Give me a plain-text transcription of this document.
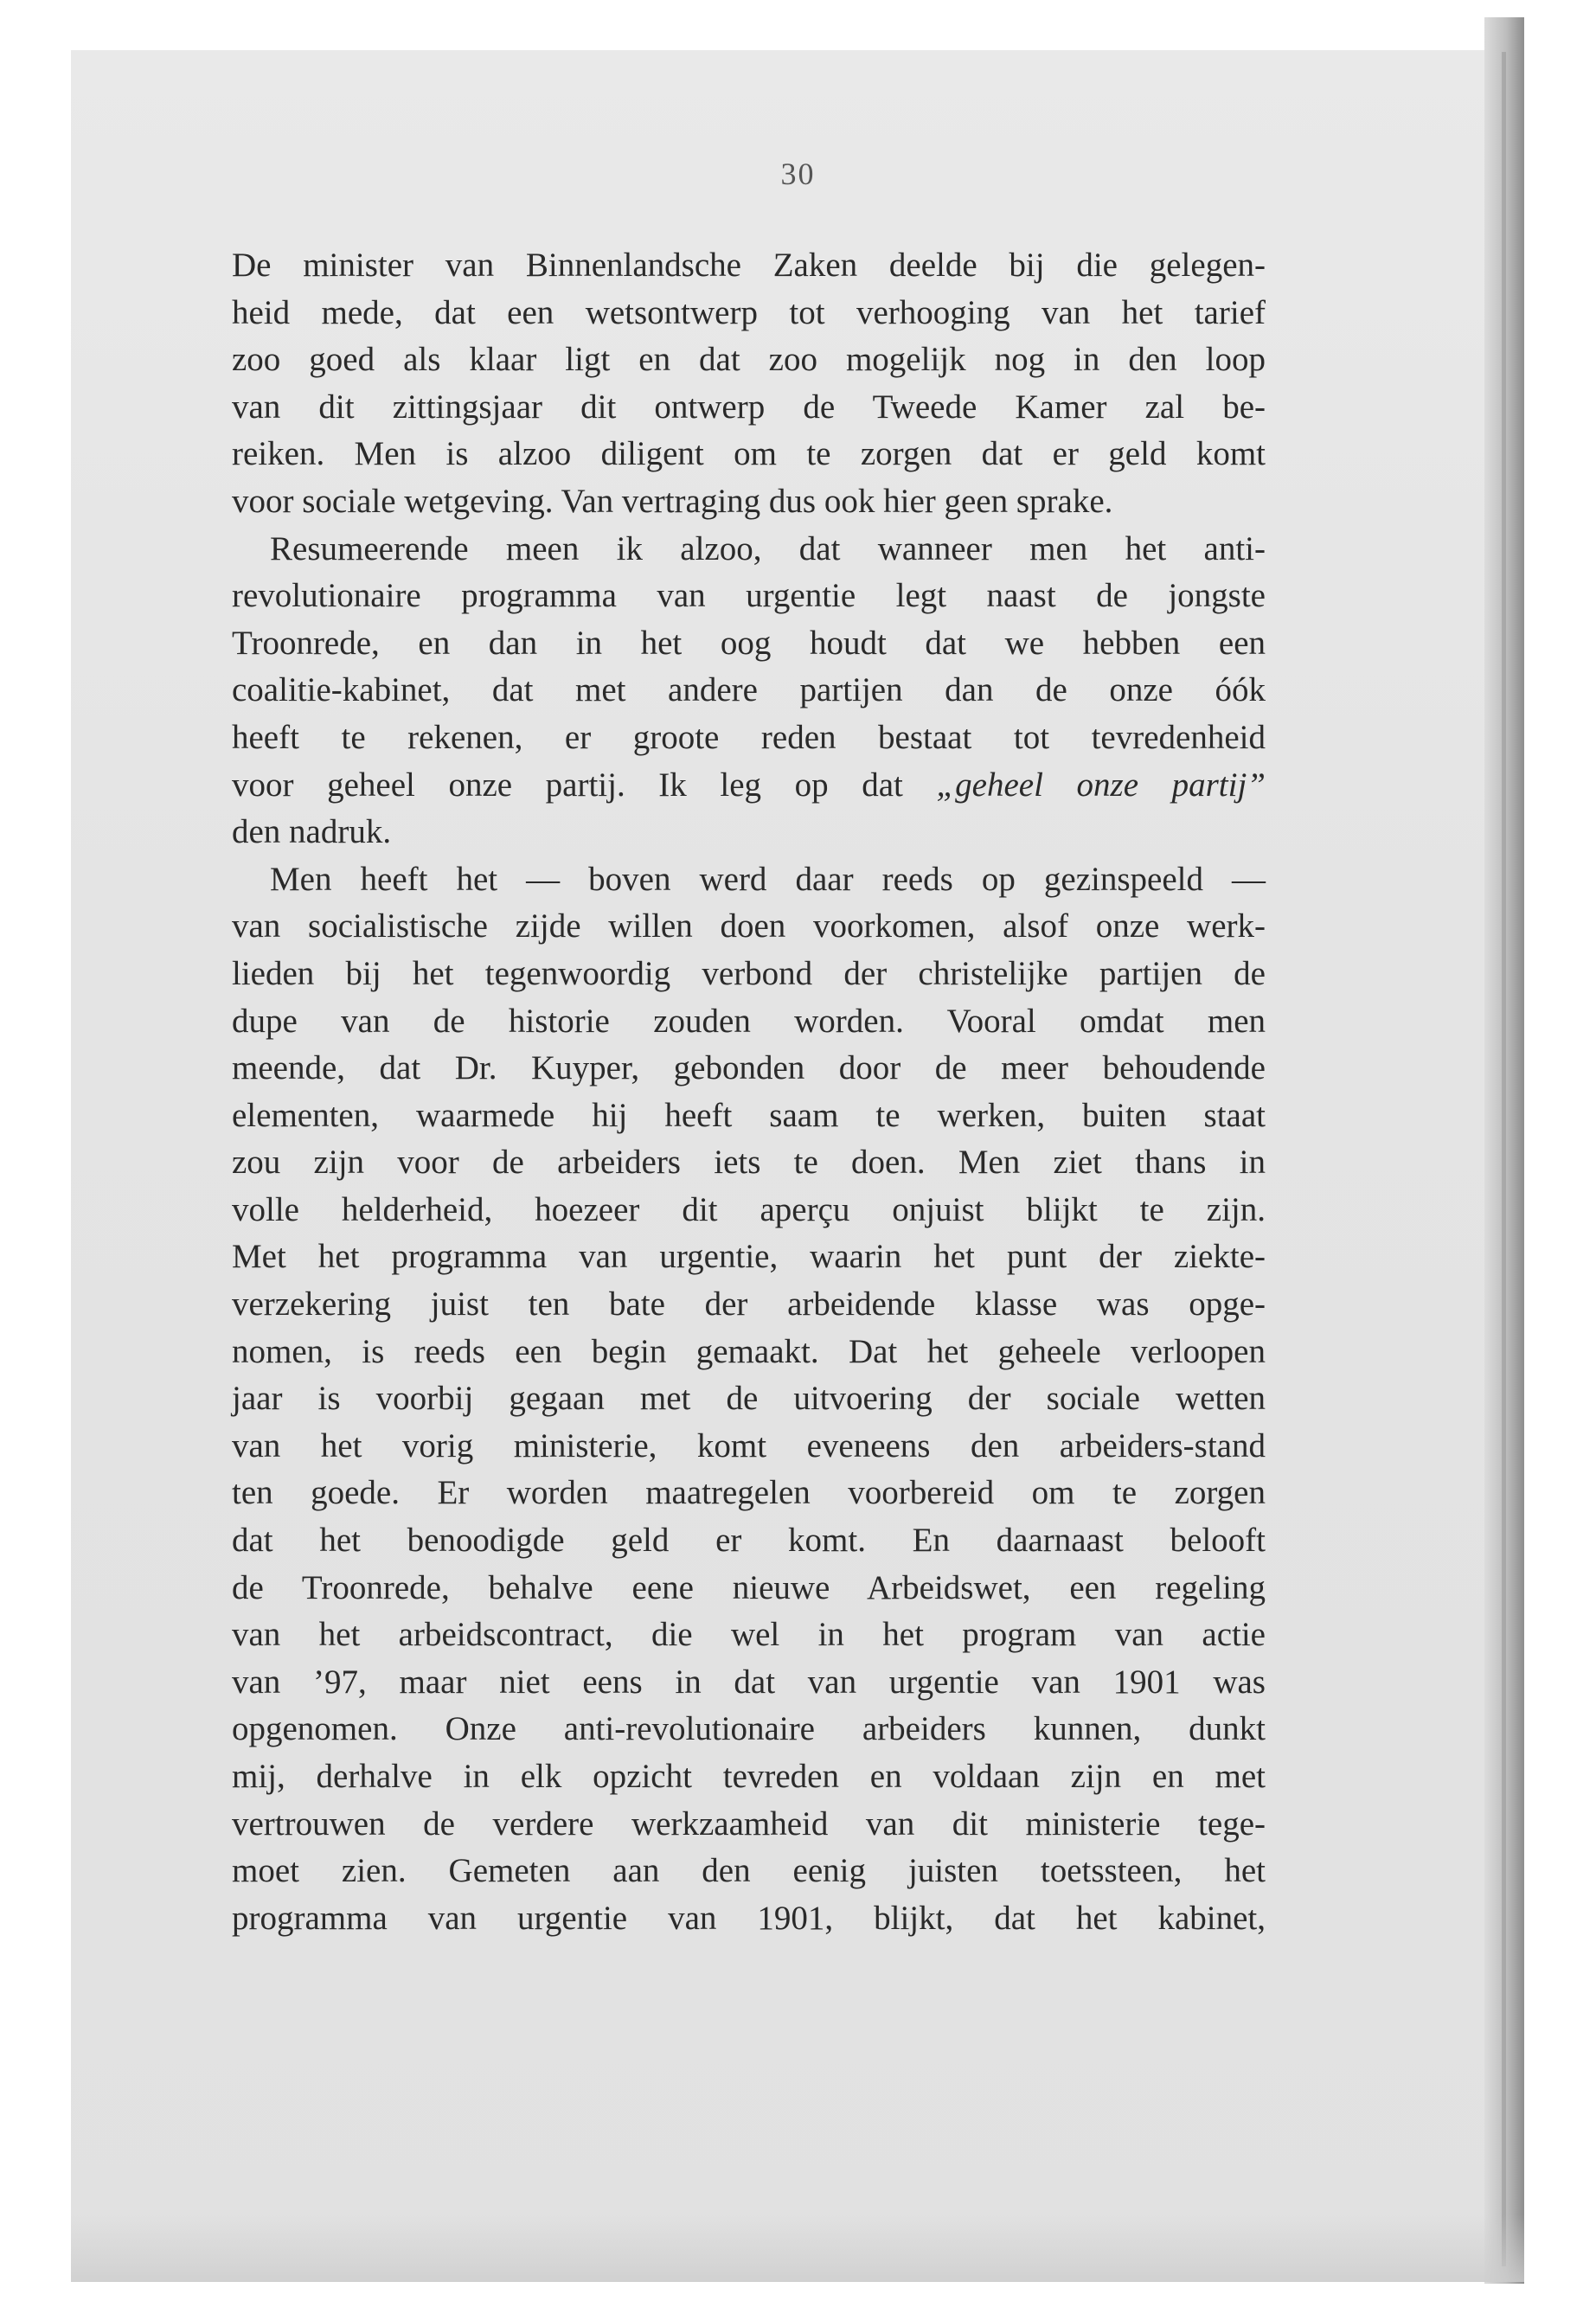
30
De minister van Binnenlandsche Zaken deelde bij die gelegen-
heid mede, dat een wetsontwerp tot verhooging van het tarief
zoo goed als klaar ligt en dat zoo mogelijk nog in den loop
van dit zittingsjaar dit ontwerp de Tweede Kamer zal be-
reiken. Men is alzoo diligent om te zorgen dat er geld komt
voor sociale wetgeving. Van vertraging dus ook hier geen sprake.
Resumeerende meen ik alzoo, dat wanneer men het anti-
revolutionaire programma van urgentie legt naast de jongste
Troonrede, en dan in het oog houdt dat we hebben een
coalitie-kabinet, dat met andere partijen dan de onze óók
heeft te rekenen, er groote reden bestaat tot tevredenheid
voor geheel onze partij. Ik leg op dat „geheel onze partij”
den nadruk.
Men heeft het — boven werd daar reeds op gezinspeeld —
van socialistische zijde willen doen voorkomen, alsof onze werk-
lieden bij het tegenwoordig verbond der christelijke partijen de
dupe van de historie zouden worden. Vooral omdat men
meende, dat Dr. Kuyper, gebonden door de meer behoudende
elementen, waarmede hij heeft saam te werken, buiten staat
zou zijn voor de arbeiders iets te doen. Men ziet thans in
volle helderheid, hoezeer dit aperçu onjuist blijkt te zijn.
Met het programma van urgentie, waarin het punt der ziekte-
verzekering juist ten bate der arbeidende klasse was opge-
nomen, is reeds een begin gemaakt. Dat het geheele verloopen
jaar is voorbij gegaan met de uitvoering der sociale wetten
van het vorig ministerie, komt eveneens den arbeiders-stand
ten goede. Er worden maatregelen voorbereid om te zorgen
dat het benoodigde geld er komt. En daarnaast belooft
de Troonrede, behalve eene nieuwe Arbeidswet, een regeling
van het arbeidscontract, die wel in het program van actie
van ’97, maar niet eens in dat van urgentie van 1901 was
opgenomen. Onze anti-revolutionaire arbeiders kunnen, dunkt
mij, derhalve in elk opzicht tevreden en voldaan zijn en met
vertrouwen de verdere werkzaamheid van dit ministerie tege-
moet zien. Gemeten aan den eenig juisten toetssteen, het
programma van urgentie van 1901, blijkt, dat het kabinet,
